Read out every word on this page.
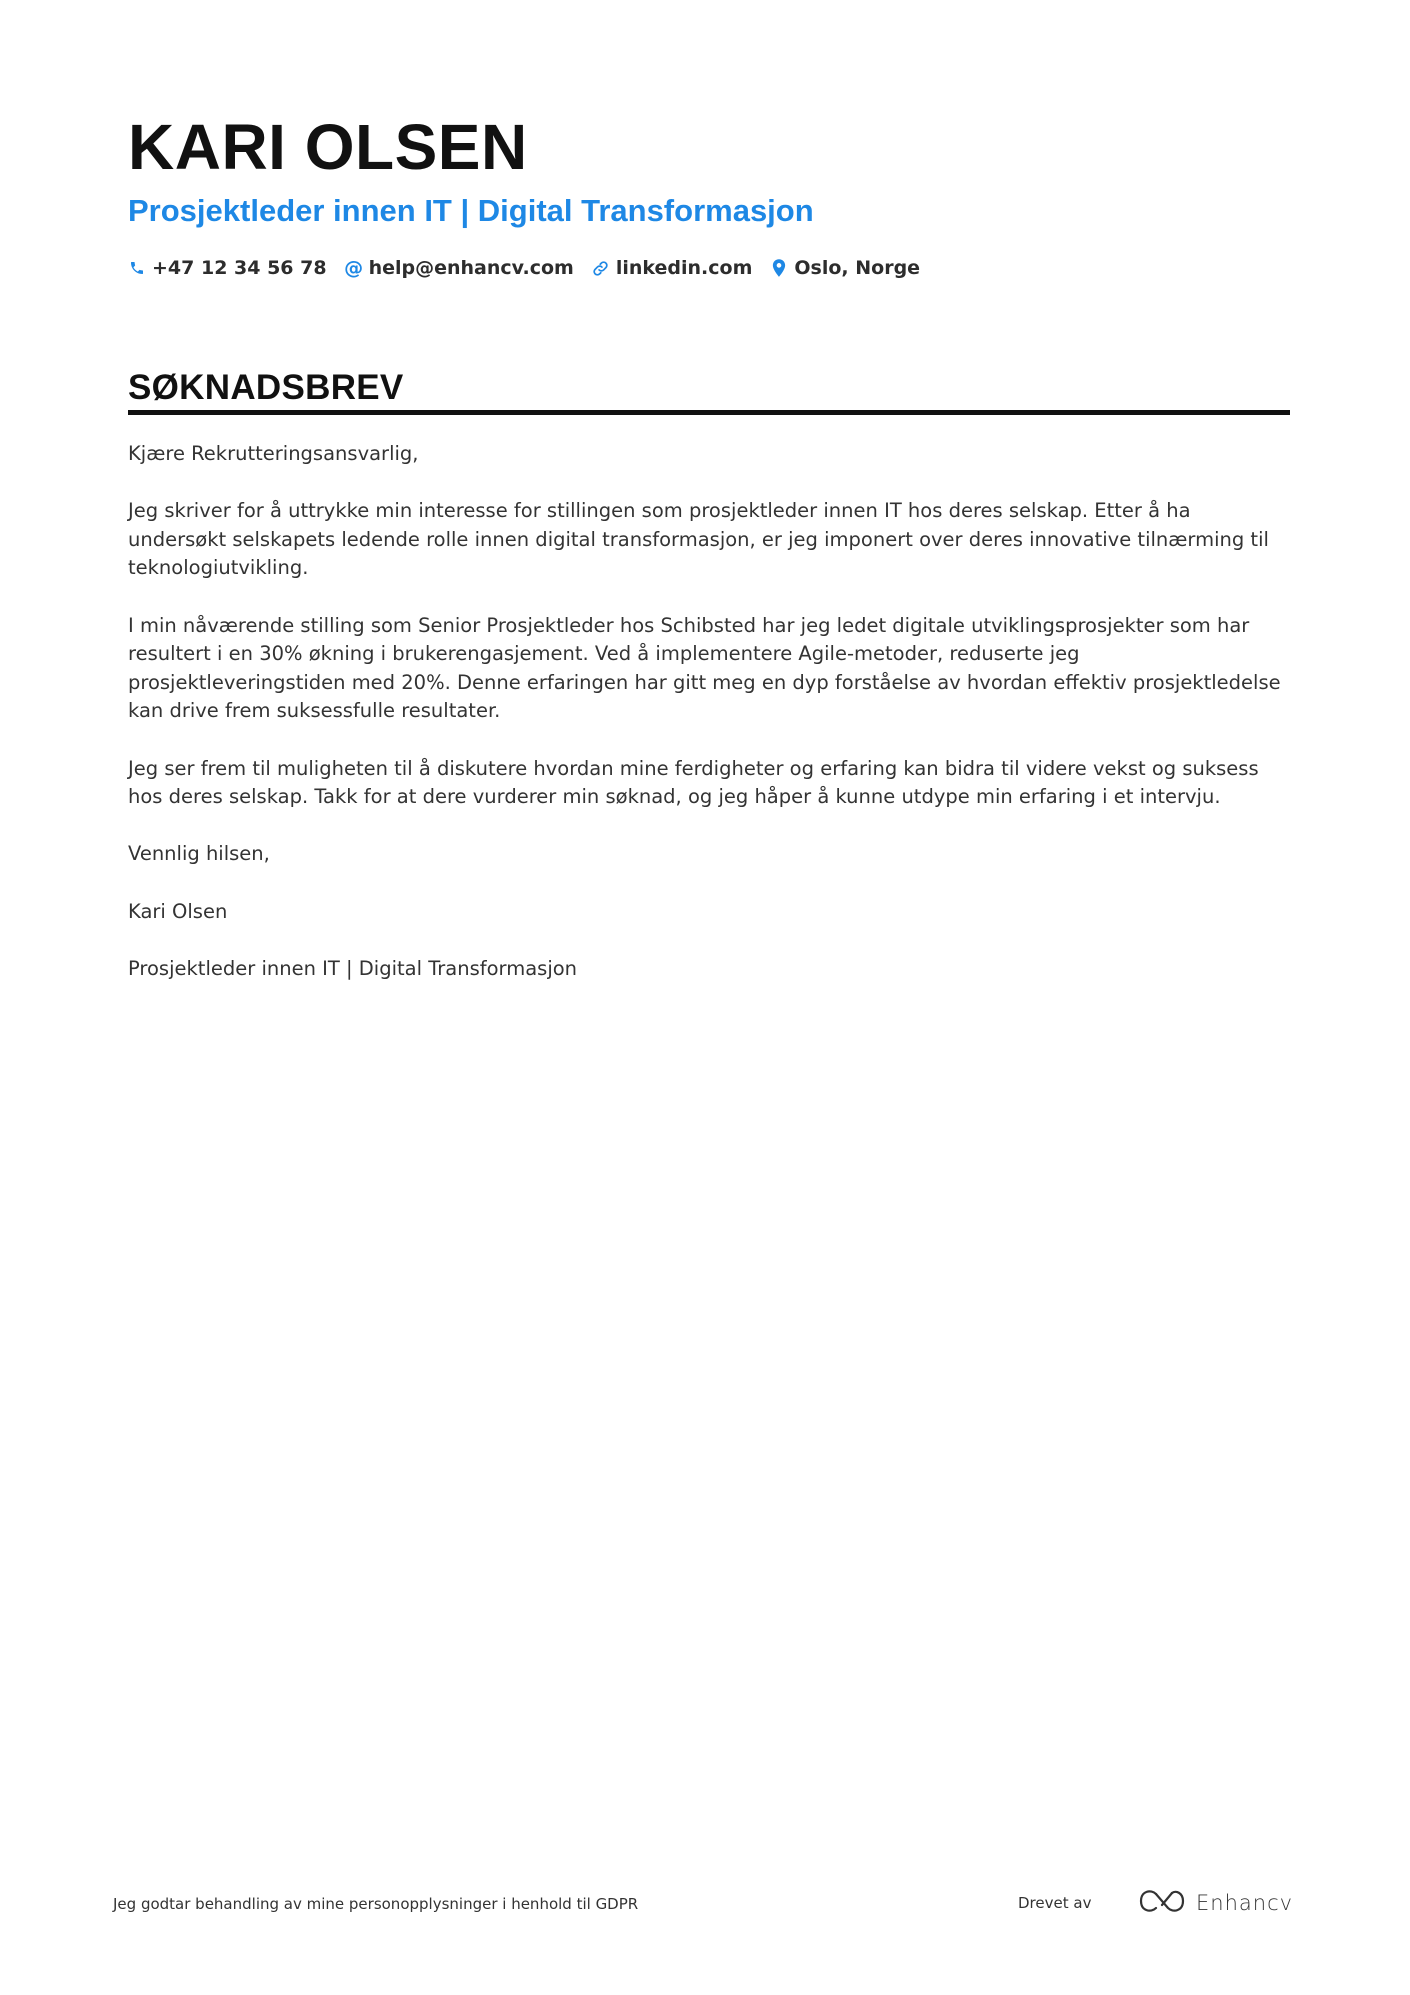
KARI OLSEN
Prosjektleder innen IT | Digital Transformasjon
+47 12 34 56 78 @ help@enhancv.com linkedin.com Oslo, Norge
SØKNADSBREV

Kjære Rekrutteringsansvarlig,

Jeg skriver for å uttrykke min interesse for stillingen som prosjektleder innen IT hos deres selskap. Etter å ha undersøkt selskapets ledende rolle innen digital transformasjon, er jeg imponert over deres innovative tilnærming til teknologiutvikling.

I min nåværende stilling som Senior Prosjektleder hos Schibsted har jeg ledet digitale utviklingsprosjekter som har resultert i en 30% økning i brukerengasjement. Ved å implementere Agile-metoder, reduserte jeg prosjektleveringstiden med 20%. Denne erfaringen har gitt meg en dyp forståelse av hvordan effektiv prosjektledelse kan drive frem suksessfulle resultater.

Jeg ser frem til muligheten til å diskutere hvordan mine ferdigheter og erfaring kan bidra til videre vekst og suksess hos deres selskap. Takk for at dere vurderer min søknad, og jeg håper å kunne utdype min erfaring i et intervju.

Vennlig hilsen,

Kari Olsen

Prosjektleder innen IT | Digital Transformasjon

Jeg godtar behandling av mine personopplysninger i henhold til GDPR	Drevet av	Enhancv
